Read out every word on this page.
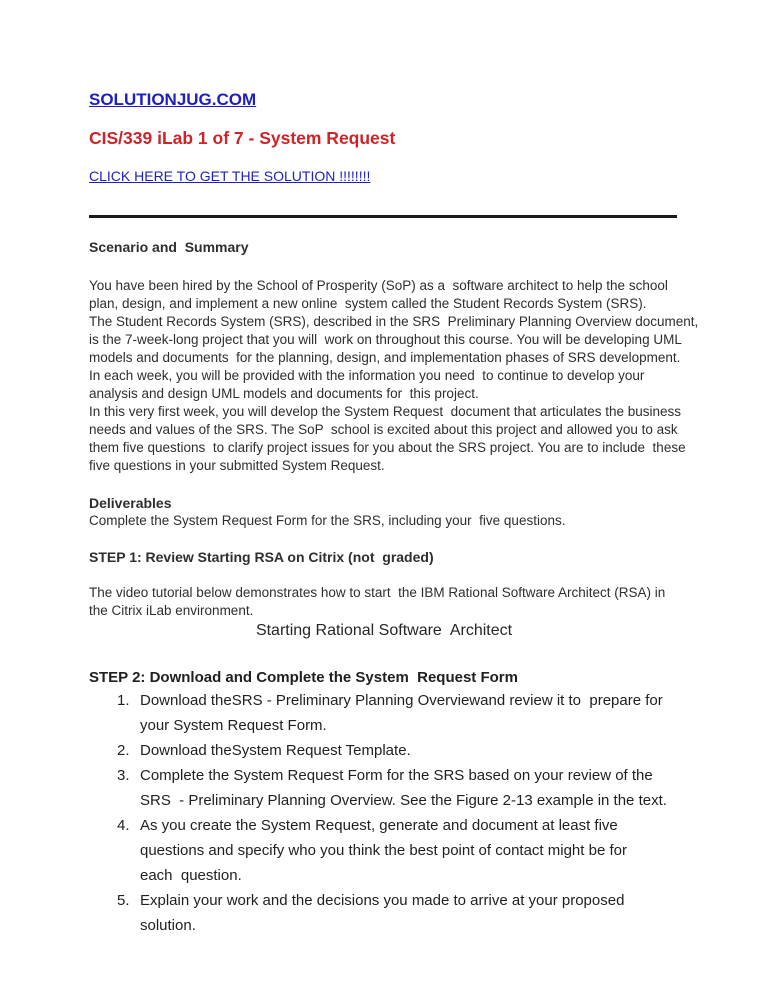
SOLUTIONJUG.COM
CIS/339 iLab 1 of 7 - System Request
CLICK HERE TO GET THE SOLUTION !!!!!!!!
Scenario and  Summary
You have been hired by the School of Prosperity (SoP) as a  software architect to help the school
plan, design, and implement a new online  system called the Student Records System (SRS).
The Student Records System (SRS), described in the SRS  Preliminary Planning Overview document,
is the 7-week-long project that you will  work on throughout this course. You will be developing UML
models and documents  for the planning, design, and implementation phases of SRS development.
In each week, you will be provided with the information you need  to continue to develop your
analysis and design UML models and documents for  this project.
In this very first week, you will develop the System Request  document that articulates the business
needs and values of the SRS. The SoP  school is excited about this project and allowed you to ask
them five questions  to clarify project issues for you about the SRS project. You are to include  these
five questions in your submitted System Request.
Deliverables
Complete the System Request Form for the SRS, including your  five questions.
STEP 1: Review Starting RSA on Citrix (not  graded)
The video tutorial below demonstrates how to start  the IBM Rational Software Architect (RSA) in
the Citrix iLab environment.
Starting Rational Software  Architect
STEP 2: Download and Complete the System  Request Form
1. Download theSRS - Preliminary Planning Overviewand review it to  prepare for
your System Request Form.
2. Download theSystem Request Template.
3. Complete the System Request Form for the SRS based on your review of the
SRS  - Preliminary Planning Overview. See the Figure 2-13 example in the text.
4. As you create the System Request, generate and document at least five
questions and specify who you think the best point of contact might be for
each  question.
5. Explain your work and the decisions you made to arrive at your proposed
solution.
